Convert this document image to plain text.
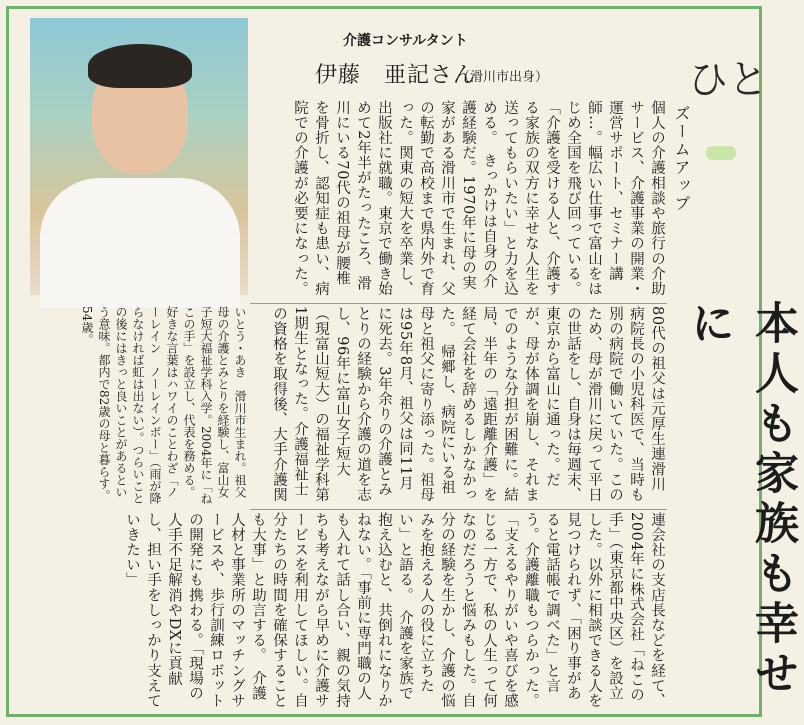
介護コンサルタント
伊藤　亜記さん
（滑川市出身）	ひと
ズームアップ
本人も家族も幸せに
個人の介護相談や旅行の介助サービス、介護事業の開業・運営サポート、セミナー講師…。幅広い仕事で富山をはじめ全国を飛び回っている。「介護を受ける人と、介護する家族の双方に幸せな人生を送ってもらいたい」と力を込める。　きっかけは自身の介護経験だ。1970年に母の実家がある滑川市で生まれ、父の転勤で高校まで県内外で育った。関東の短大を卒業し、出版社に就職。東京で働き始めて2年半がたったころ、滑川にいる70代の祖母が腰椎を骨折し、認知症も患い、病院での介護が必要になった。
80代の祖父は元厚生連滑川病院長の小児科医で、当時も別の病院で働いていた。このため、母が滑川に戻って平日の世話をし、自身は毎週末、東京から富山に通った。だが、母が体調を崩し、それまでのような分担が困難に。結局、半年の「遠距離介護」を経て会社を辞めるしかなかった。　帰郷し、病院にいる祖母と祖父に寄り添った。祖母は95年8月、祖父は同11月に死去。3年余りの介護とみとりの経験から介護の道を志し、96年に富山女子短大（現富山短大）の福祉学科第1期生となった。介護福祉士の資格を取得後、大手介護関
連会社の支店長などを経て、2004年に株式会社「ねこの手」（東京都中央区）を設立した。以外に相談できる人を見つけられず、「困り事があると電話帳で調べた」と言う。介護離職もつらかった。「支えるやりがいや喜びを感じる一方で、私の人生って何なのだろうと悩みもした。自分の経験を生かし、介護の悩みを抱える人の役に立ちたい」と語る。　介護を家族で抱え込むと、共倒れになりかねない。「事前に専門職の人も入れて話し合い、親の気持ちも考えながら早めに介護サービスを利用してほしい。自分たちの時間を確保することも大事」と助言する。　介護人材と事業所のマッチングサービスや、歩行訓練ロボットの開発にも携わる。「現場の人手不足解消やDXに貢献し、担い手をしっかり支えていきたい」
いとう・あき　滑川市生まれ。祖父母の介護とみとりを経験し、富山女子短大福祉学科入学。2004年に「ねこの手」を設立し、代表を務める。好きな言葉はハワイのことわざ「ノーレイン　ノーレインボー」（雨が降らなければ虹は出ない）。つらいことの後にはきっと良いことがあるという意味。都内で82歳の母と暮らす。54歳。
